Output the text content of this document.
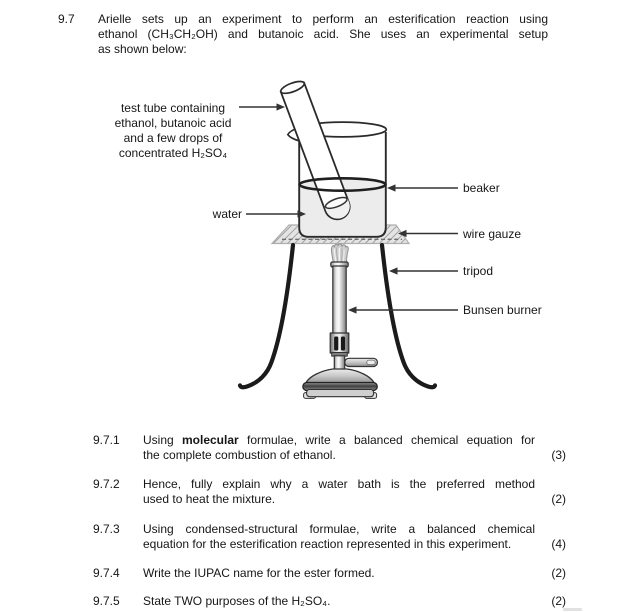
9.7 Arielle sets up an experiment to perform an esterification reaction using
ethanol (CH₃CH₂OH) and butanoic acid. She uses an experimental setup
as shown below:
test tube containing
ethanol, butanoic acid
and a few drops of
concentrated H₂SO₄
water
beaker
wire gauze
tripod
Bunsen burner
9.7.1 Using molecular formulae, write a balanced chemical equation for
the complete combustion of ethanol.	(3)
9.7.2 Hence, fully explain why a water bath is the preferred method
used to heat the mixture.	(2)
9.7.3 Using condensed-structural formulae, write a balanced chemical
equation for the esterification reaction represented in this experiment.	(4)
9.7.4 Write the IUPAC name for the ester formed.	(2)
9.7.5 State TWO purposes of the H₂SO₄.	(2)
